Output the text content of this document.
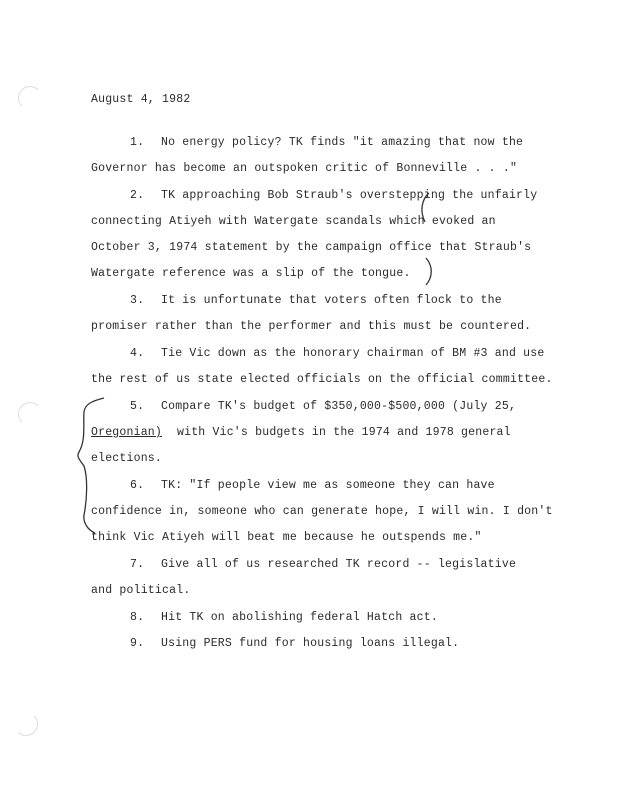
August 4, 1982
1. No energy policy? TK finds "it amazing that now the
Governor has become an outspoken critic of Bonneville . . ."
2. TK approaching Bob Straub's overstepping the unfairly
connecting Atiyeh with Watergate scandals which evoked an
October 3, 1974 statement by the campaign office that Straub's
Watergate reference was a slip of the tongue.
3. It is unfortunate that voters often flock to the
promiser rather than the performer and this must be countered.
4. Tie Vic down as the honorary chairman of BM #3 and use
the rest of us state elected officials on the official committee.
5. Compare TK's budget of $350,000-$500,000 (July 25,
Oregonian) with Vic's budgets in the 1974 and 1978 general
elections.
6. TK: "If people view me as someone they can have
confidence in, someone who can generate hope, I will win. I don't
think Vic Atiyeh will beat me because he outspends me."
7. Give all of us researched TK record -- legislative
and political.
8. Hit TK on abolishing federal Hatch act.
9. Using PERS fund for housing loans illegal.
